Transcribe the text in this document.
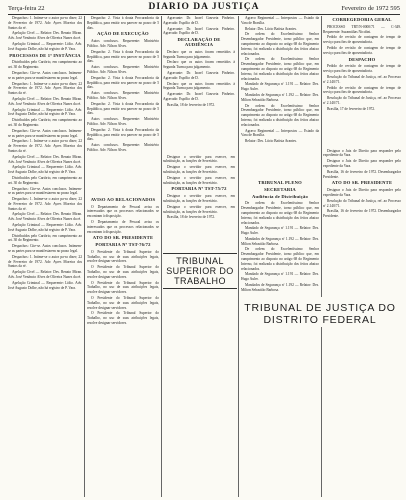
Terça-feira 22	DIARIO DA JUSTIÇA	Fevereiro de 1972 595

Despachos: 1. Intime-se o autor pa-ra dizer; 22 de Fevereiro de 1972. Adv. Ayres Moreira dos Santos da ré.

Apelação Cível — Relator: Des. Renato Miran. Adv. José Venâncio Alves de Oliveira Nunes da ré.

Apelação Criminal — Requerente: Lídio. Adv. José Augusto Dolhe, não há registro de P. Vara.

PROCESSOS DE 1ª INSTÂNCIA

Distribuídos pelo Cartório, em cumprimento ao art. 30 do Regimento.

Despachos: Cite-se. Autos conclusos. Intimem-se as partes para se manifestarem no prazo legal.

Despachos: 1. Intime-se o autor pa-ra dizer; 22 de Fevereiro de 1972. Adv. Ayres Moreira dos Santos da ré.

Apelação Cível — Relator: Des. Renato Miran. Adv. José Venâncio Alves de Oliveira Nunes da ré.

Apelação Criminal — Requerente: Lídio. Adv. José Augusto Dolhe, não há registro de P. Vara.

Distribuídos pelo Cartório, em cumprimento ao art. 30 do Regimento.

Despachos: Cite-se. Autos conclusos. Intimem-se as partes para se manifestarem no prazo legal.

Despachos: 1. Intime-se o autor pa-ra dizer; 22 de Fevereiro de 1972. Adv. Ayres Moreira dos Santos da ré.

Apelação Cível — Relator: Des. Renato Miran. Adv. José Venâncio Alves de Oliveira Nunes da ré.

Apelação Criminal — Requerente: Lídio. Adv. José Augusto Dolhe, não há registro de P. Vara.

Distribuídos pelo Cartório, em cumprimento ao art. 30 do Regimento.

Despachos: Cite-se. Autos conclusos. Intimem-se as partes para se manifestarem no prazo legal.

Despachos: 1. Intime-se o autor pa-ra dizer; 22 de Fevereiro de 1972. Adv. Ayres Moreira dos Santos da ré.

Apelação Cível — Relator: Des. Renato Miran. Adv. José Venâncio Alves de Oliveira Nunes da ré.

Apelação Criminal — Requerente: Lídio. Adv. José Augusto Dolhe, não há registro de P. Vara.

Distribuídos pelo Cartório, em cumprimento ao art. 30 do Regimento.

Despachos: Cite-se. Autos conclusos. Intimem-se as partes para se manifestarem no prazo legal.

Despachos: 1. Intime-se o autor pa-ra dizer; 22 de Fevereiro de 1972. Adv. Ayres Moreira dos Santos da ré.

Apelação Cível — Relator: Des. Renato Miran. Adv. José Venâncio Alves de Oliveira Nunes da ré.

Apelação Criminal — Requerente: Lídio. Adv. José Augusto Dolhe, não há registro de P. Vara.

Despacho: 2. Vista à douta Procuradoria da República, para emitir seu parecer no prazo de 5 dias.

AÇÃO DE EXECUÇÃO

Autos conclusos. Requerente: Ministério Público. Adv. Nilson Alves.

Despacho: 2. Vista à douta Procuradoria da República, para emitir seu parecer no prazo de 5 dias.

Autos conclusos. Requerente: Ministério Público. Adv. Nilson Alves.

Despacho: 2. Vista à douta Procuradoria da República, para emitir seu parecer no prazo de 5 dias.

Autos conclusos. Requerente: Ministério Público. Adv. Nilson Alves.

Despacho: 2. Vista à douta Procuradoria da República, para emitir seu parecer no prazo de 5 dias.

Autos conclusos. Requerente: Ministério Público. Adv. Nilson Alves.

Despacho: 2. Vista à douta Procuradoria da República, para emitir seu parecer no prazo de 5 dias.

Autos conclusos. Requerente: Ministério Público. Adv. Nilson Alves.

AVISO AO RELACIONADOS

O Departamento de Pessoal avisa os interessados que os processos relacionados se encontram à disposição.

O Departamento de Pessoal avisa os interessados que os processos relacionados se encontram à disposição.

ATO DO SR. PRESIDENTE
PORTARIA Nº TST-76/72

O Presidente do Tribunal Superior do Trabalho, no uso de suas atribuições legais, resolve designar servidores.

O Presidente do Tribunal Superior do Trabalho, no uso de suas atribuições legais, resolve designar servidores.

O Presidente do Tribunal Superior do Trabalho, no uso de suas atribuições legais, resolve designar servidores.

O Presidente do Tribunal Superior do Trabalho, no uso de suas atribuições legais, resolve designar servidores.

O Presidente do Tribunal Superior do Trabalho, no uso de suas atribuições legais, resolve designar servidores.

Agravante: Dr. Israel Gouveia Pinheiro. Agravado: Espólio de D.

Agravante: Dr. Israel Gouveia Pinheiro. Agravado: Espólio de D.

DECLARAÇÃO DE AUDIÊNCIA

Declaro que os autos foram remetidos à Segunda Turma para julgamento.

Declaro que os autos foram remetidos à Segunda Turma para julgamento.

Agravante: Dr. Israel Gouveia Pinheiro. Agravado: Espólio de D.

Declaro que os autos foram remetidos à Segunda Turma para julgamento.

Agravante: Dr. Israel Gouveia Pinheiro. Agravado: Espólio de D.

Brasília, 18 de fevereiro de 1972.

Designar o servidor para exercer, em substituição, as funções de Secretário.

Designar o servidor para exercer, em substituição, as funções de Secretário.

Designar o servidor para exercer, em substituição, as funções de Secretário.

PORTARIA Nº TST-75/72

Designar o servidor para exercer, em substituição, as funções de Secretário.

Designar o servidor para exercer, em substituição, as funções de Secretário.

Brasília, 18 de fevereiro de 1972.

Agravo Regimental — Interpostos — Estado da Vara de Brasília.

Relator: Des. Lúcio Batista Arantes.

De ordem do Excelentíssimo Senhor Desembargador Presidente, torno público que, em cumprimento ao disposto no artigo 68 do Regimento Interno, foi realizada a distribuição dos feitos abaixo relacionados.

De ordem do Excelentíssimo Senhor Desembargador Presidente, torno público que, em cumprimento ao disposto no artigo 68 do Regimento Interno, foi realizada a distribuição dos feitos abaixo relacionados.

Mandado de Segurança nº 1.191 — Relator: Des. Hugo Auler.

Mandados de Segurança nº 1.192 — Relator: Des. Milton Sebastião Barbosa.

De ordem do Excelentíssimo Senhor Desembargador Presidente, torno público que, em cumprimento ao disposto no artigo 68 do Regimento Interno, foi realizada a distribuição dos feitos abaixo relacionados.

Agravo Regimental — Interpostos — Estado da Vara de Brasília.

Relator: Des. Lúcio Batista Arantes.

TRIBUNAL PLENO
SECRETARIA
Audiência de Distribuição

De ordem do Excelentíssimo Senhor Desembargador Presidente, torno público que, em cumprimento ao disposto no artigo 68 do Regimento Interno, foi realizada a distribuição dos feitos abaixo relacionados.

Mandado de Segurança nº 1.191 — Relator: Des. Hugo Auler.

Mandados de Segurança nº 1.192 — Relator: Des. Milton Sebastião Barbosa.

De ordem do Excelentíssimo Senhor Desembargador Presidente, torno público que, em cumprimento ao disposto no artigo 68 do Regimento Interno, foi realizada a distribuição dos feitos abaixo relacionados.

Mandado de Segurança nº 1.191 — Relator: Des. Hugo Auler.

Mandados de Segurança nº 1.192 — Relator: Des. Milton Sebastião Barbosa.

CORREGEDORIA GERAL

PROCESSO TRT/N-0000/71 — C-349. Requerente: Suzamálias Nicolini.

Pedido de revisão de contagem de tempo de serviço para fins de aposentadoria.

Pedido de revisão de contagem de tempo de serviço para fins de aposentadoria.

DESPACHO

Pedido de revisão de contagem de tempo de serviço para fins de aposentadoria.

Resolução do Tribunal de Justiça, ref. ao Processo nº 2.140/71.

Pedido de revisão de contagem de tempo de serviço para fins de aposentadoria.

Resolução do Tribunal de Justiça, ref. ao Processo nº 2.140/71.

Brasília, 17 de fevereiro de 1972.

Designar o Juiz de Direito para responder pelo expediente da Vara.

Designar o Juiz de Direito para responder pelo expediente da Vara.

Brasília, 16 de fevereiro de 1972. Desembargador Presidente.

ATO DO SR. PRESIDENTE

Designar o Juiz de Direito para responder pelo expediente da Vara.

Resolução do Tribunal de Justiça, ref. ao Processo nº 2.140/71.

Brasília, 16 de fevereiro de 1972. Desembargador Presidente.

TRIBUNAL SUPERIOR DO TRABALHO
TRIBUNAL DE JUSTIÇA DO DISTRITO FEDERAL
